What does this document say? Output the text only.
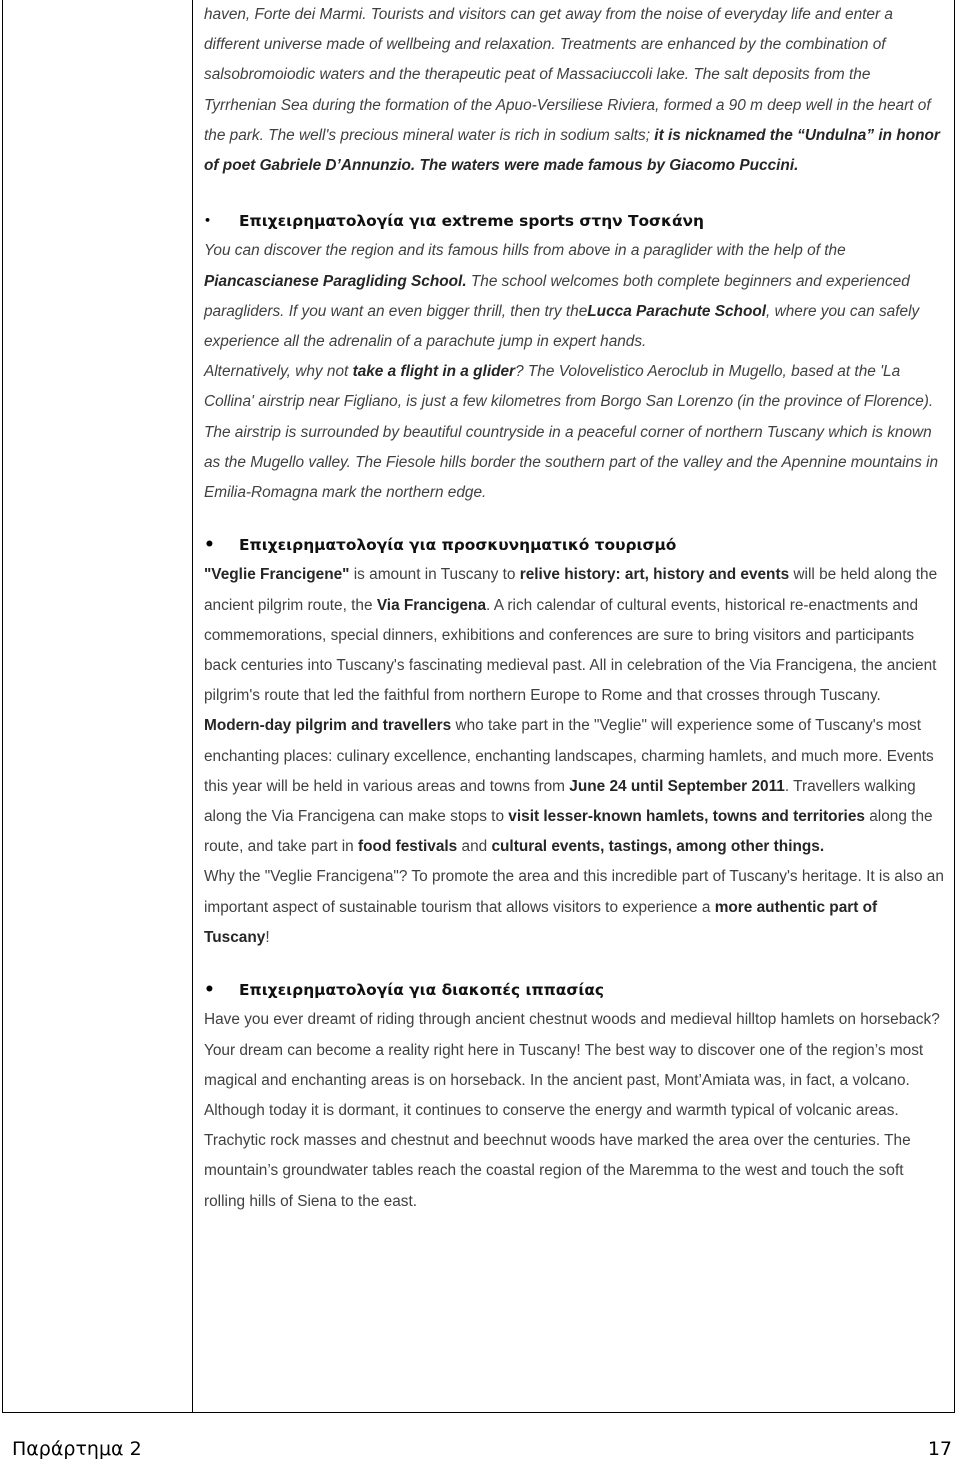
haven, Forte dei Marmi. Tourists and visitors can get away from the noise of everyday life and enter a different universe made of wellbeing and relaxation. Treatments are enhanced by the combination of salsobromoiodic waters and the therapeutic peat of Massaciuccoli lake. The salt deposits from the Tyrrhenian Sea during the formation of the Apuo-Versiliese Riviera, formed a 90 m deep well in the heart of the park. The well's precious mineral water is rich in sodium salts; it is nicknamed the “Undulna” in honor of poet Gabriele D’Annunzio. The waters were made famous by Giacomo Puccini.

•	Επιχειρηματολογία για extreme sports στην Τοσκάνη

You can discover the region and its famous hills from above in a paraglider with the help of the Piancascianese Paragliding School. The school welcomes both complete beginners and experienced paragliders. If you want an even bigger thrill, then try theLucca Parachute School, where you can safely experience all the adrenalin of a parachute jump in expert hands.

Alternatively, why not take a flight in a glider? The Volovelistico Aeroclub in Mugello, based at the 'La Collina' airstrip near Figliano, is just a few kilometres from Borgo San Lorenzo (in the province of Florence). The airstrip is surrounded by beautiful countryside in a peaceful corner of northern Tuscany which is known as the Mugello valley. The Fiesole hills border the southern part of the valley and the Apennine mountains in Emilia-Romagna mark the northern edge.

•	Επιχειρηματολογία για προσκυνηματικό τουρισμό

"Veglie Francigene" is amount in Tuscany to relive history: art, history and events will be held along the ancient pilgrim route, the Via Francigena. A rich calendar of cultural events, historical re-enactments and commemorations, special dinners, exhibitions and conferences are sure to bring visitors and participants back centuries into Tuscany's fascinating medieval past. All in celebration of the Via Francigena, the ancient pilgrim's route that led the faithful from northern Europe to Rome and that crosses through Tuscany.

Modern-day pilgrim and travellers who take part in the "Veglie" will experience some of Tuscany's most enchanting places: culinary excellence, enchanting landscapes, charming hamlets, and much more. Events this year will be held in various areas and towns from June 24 until September 2011. Travellers walking along the Via Francigena can make stops to visit lesser-known hamlets, towns and territories along the route, and take part in food festivals and cultural events, tastings, among other things.

Why the "Veglie Francigena"? To promote the area and this incredible part of Tuscany's heritage. It is also an important aspect of sustainable tourism that allows visitors to experience a more authentic part of Tuscany!

•	Επιχειρηματολογία για διακοπές ιππασίας

Have you ever dreamt of riding through ancient chestnut woods and medieval hilltop hamlets on horseback? Your dream can become a reality right here in Tuscany! The best way to discover one of the region’s most magical and enchanting areas is on horseback. In the ancient past, Mont’Amiata was, in fact, a volcano. Although today it is dormant, it continues to conserve the energy and warmth typical of volcanic areas. Trachytic rock masses and chestnut and beechnut woods have marked the area over the centuries. The mountain’s groundwater tables reach the coastal region of the Maremma to the west and touch the soft rolling hills of Siena to the east.

Παράρτημα 2	17
